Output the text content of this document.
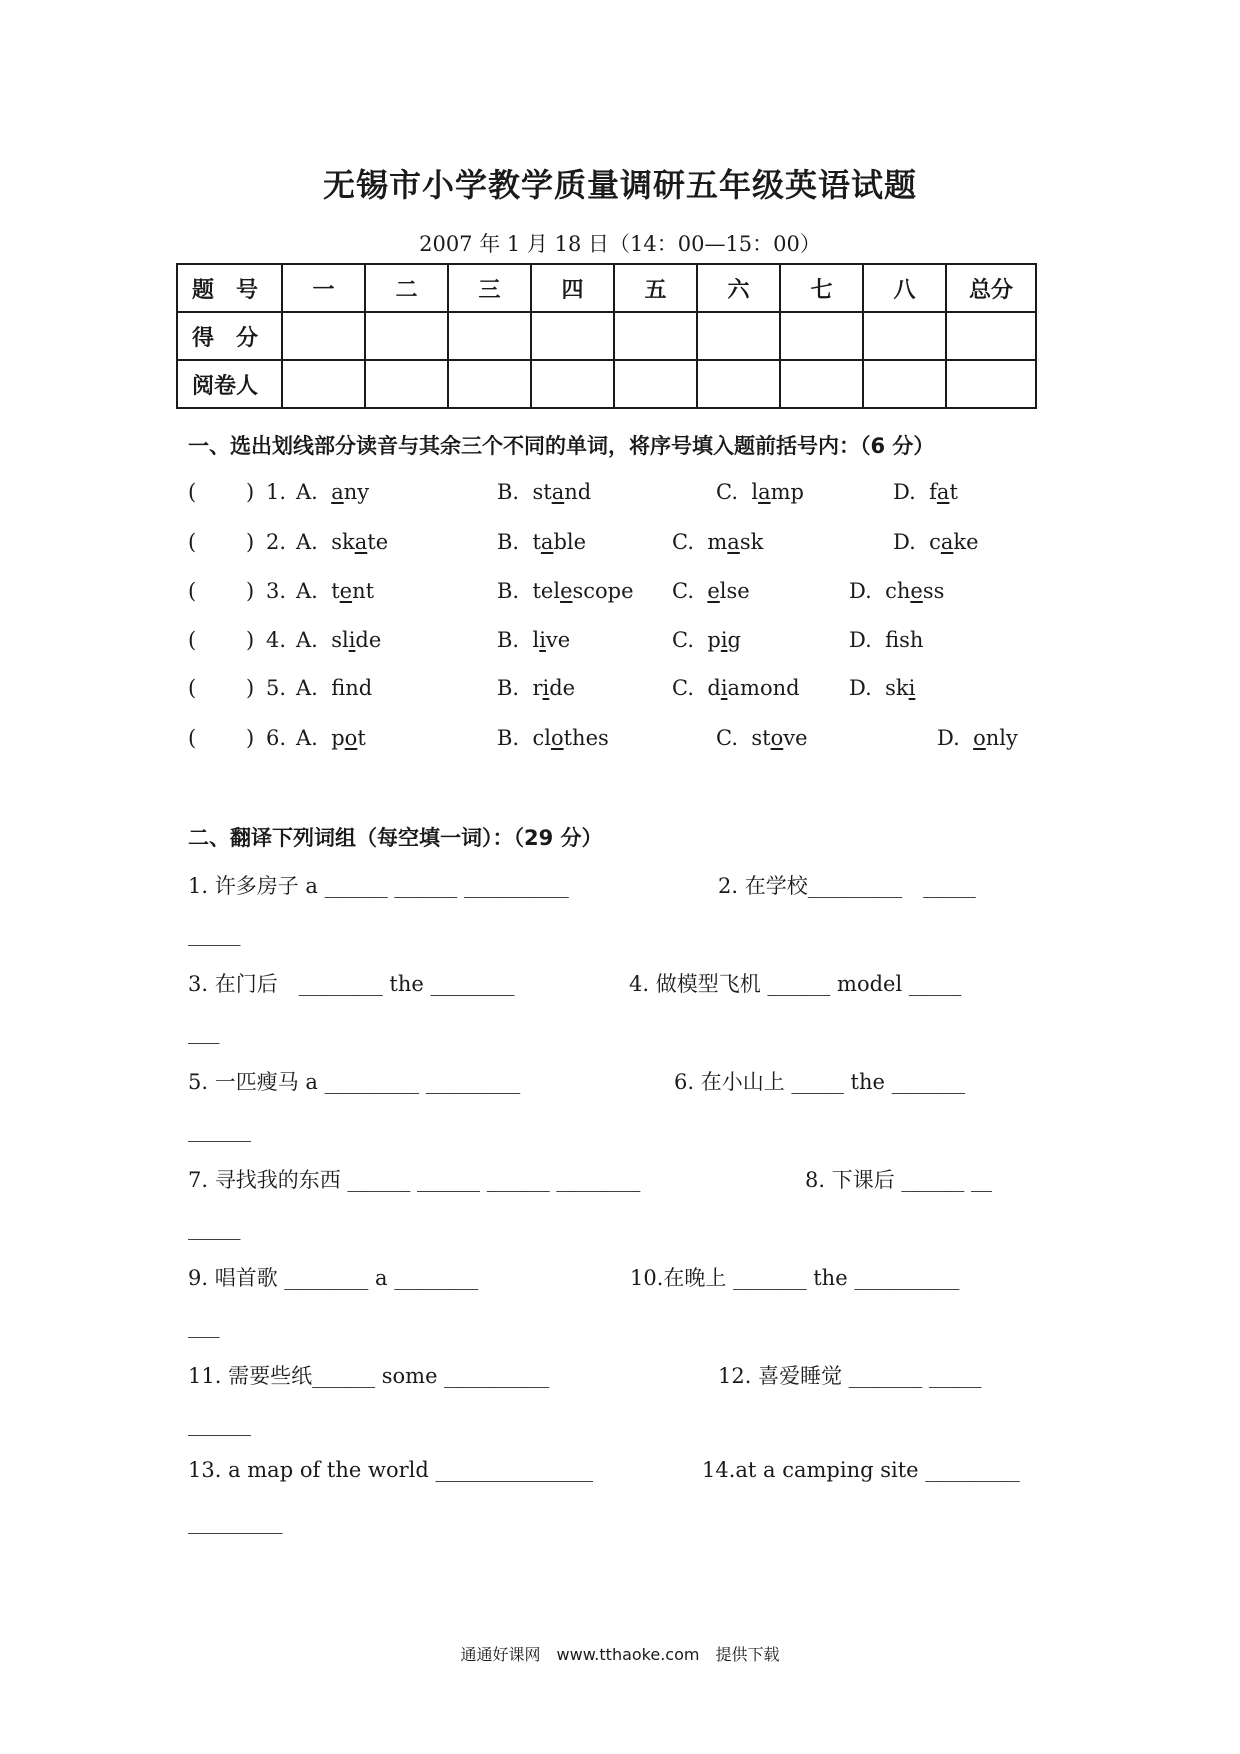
无锡市小学教学质量调研五年级英语试题
2007 年 1 月 18 日（14：00—15：00）
题　号	一	二	三	四	五	六	七	八	总分
得　分									
阅卷人									
一、选出划线部分读音与其余三个不同的单词，将序号填入题前括号内：（6 分）
( ) 1. A.  any	B.  stand	C.  lamp	D.  fat
( ) 2. A.  skate	B.  table	C.  mask	D.  cake
( ) 3. A.  tent	B.  telescope C.  else	D.  chess
( ) 4. A.  slide	B.  live	C.  pig	D.  fsh
( ) 5. A.  fnd	B.  ride	C.  diamond D.  ski
( ) 6. A.  pot	B.  clothes	C.  stove	D.  only
二、翻译下列词组（每空填一词）：（29 分）
1. 许多房子 a ______ ______ __________	2. 在学校_________　_____
_____
3. 在门后　________ the ________	4. 做模型飞机 ______ model _____
___
5. 一匹瘦马 a _________ _________	6. 在小山上 _____ the _______
______
7. 寻找我的东西 ______ ______ ______ ________	8. 下课后 ______ __
_____
9. 唱首歌 ________ a ________	10.在晚上 _______ the __________
___
11. 需要些纸______ some __________	12. 喜爱睡觉 _______ _____
______
13. a map of the world _______________	14.at a camping site _________
_________
通通好课网　www.tthaoke.com　提供下载
